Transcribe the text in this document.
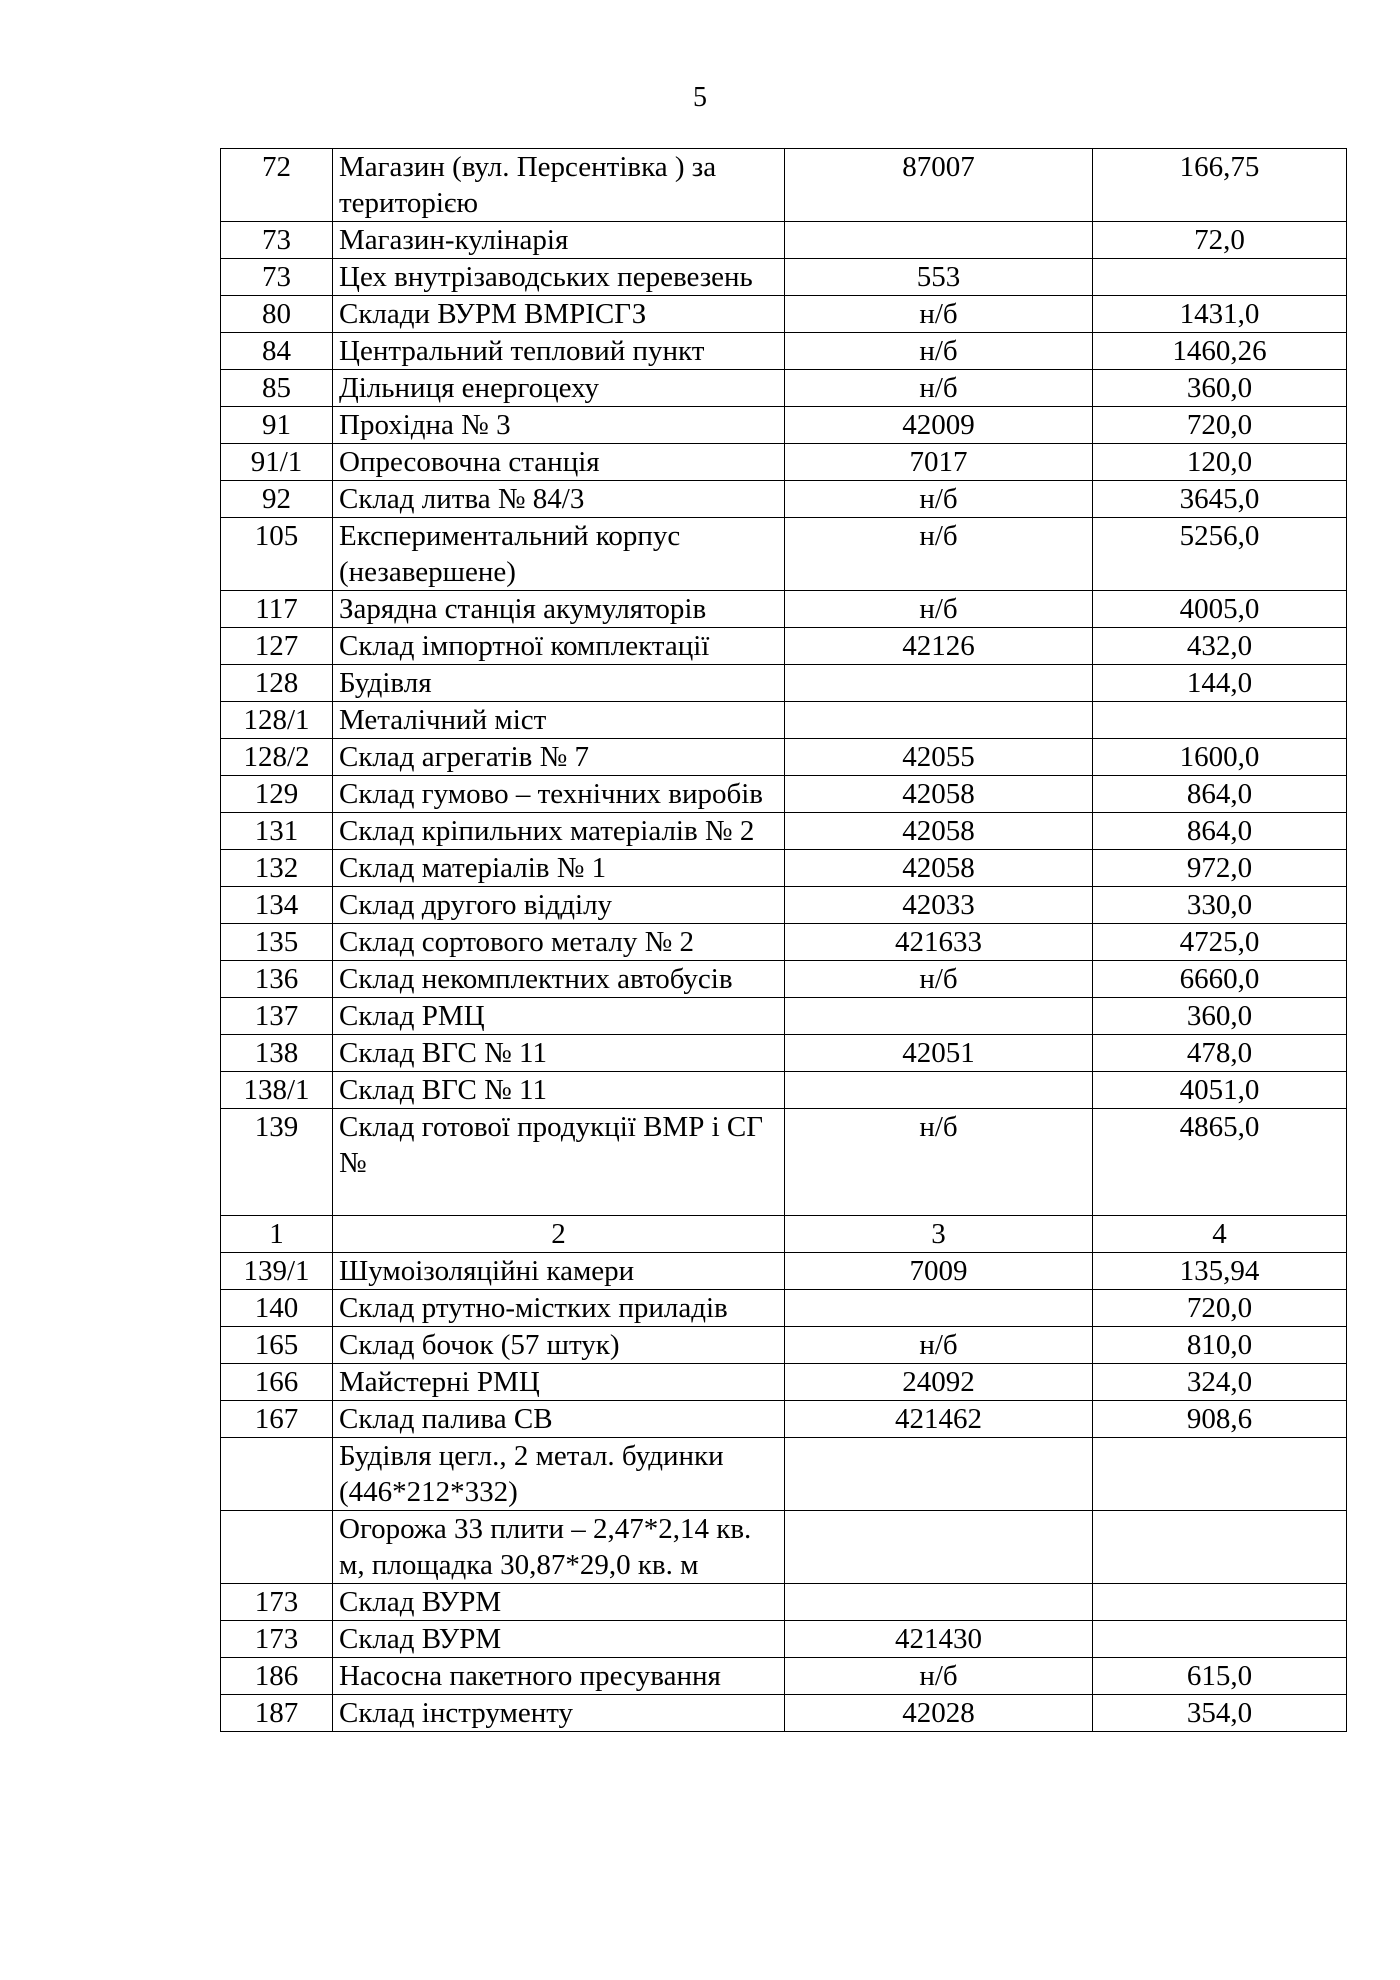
5
72	Магазин (вул. Персентівка ) за територією	87007	166,75
73	Магазин-кулінарія		72,0
73	Цех внутрізаводських перевезень	553	
80	Склади ВУРМ ВМРІСГЗ	н/б	1431,0
84	Центральний тепловий пункт	н/б	1460,26
85	Дільниця енергоцеху	н/б	360,0
91	Прохідна № 3	42009	720,0
91/1	Опресовочна станція	7017	120,0
92	Склад литва № 84/3	н/б	3645,0
105	Експериментальний корпус (незавершене)	н/б	5256,0
117	Зарядна станція акумуляторів	н/б	4005,0
127	Склад імпортної комплектації	42126	432,0
128	Будівля		144,0
128/1	Металічний міст		
128/2	Склад агрегатів № 7	42055	1600,0
129	Склад гумово – технічних виробів	42058	864,0
131	Склад кріпильних матеріалів № 2	42058	864,0
132	Склад матеріалів № 1	42058	972,0
134	Склад другого відділу	42033	330,0
135	Склад сортового металу № 2	421633	4725,0
136	Склад некомплектних автобусів	н/б	6660,0
137	Склад РМЦ		360,0
138	Склад ВГС № 11	42051	478,0
138/1	Склад ВГС № 11		4051,0
139	Склад готової продукції ВМР і СГ №	н/б	4865,0
1	2	3	4
139/1	Шумоізоляційні камери	7009	135,94
140	Склад ртутно-містких приладів		720,0
165	Склад бочок (57 штук)	н/б	810,0
166	Майстерні РМЦ	24092	324,0
167	Склад палива СВ	421462	908,6
	Будівля цегл., 2 метал. будинки (446*212*332)		
	Огорожа 33 плити – 2,47*2,14 кв. м, площадка 30,87*29,0 кв. м		
173	Склад ВУРМ		
173	Склад ВУРМ	421430	
186	Насосна пакетного пресування	н/б	615,0
187	Склад інструменту	42028	354,0
